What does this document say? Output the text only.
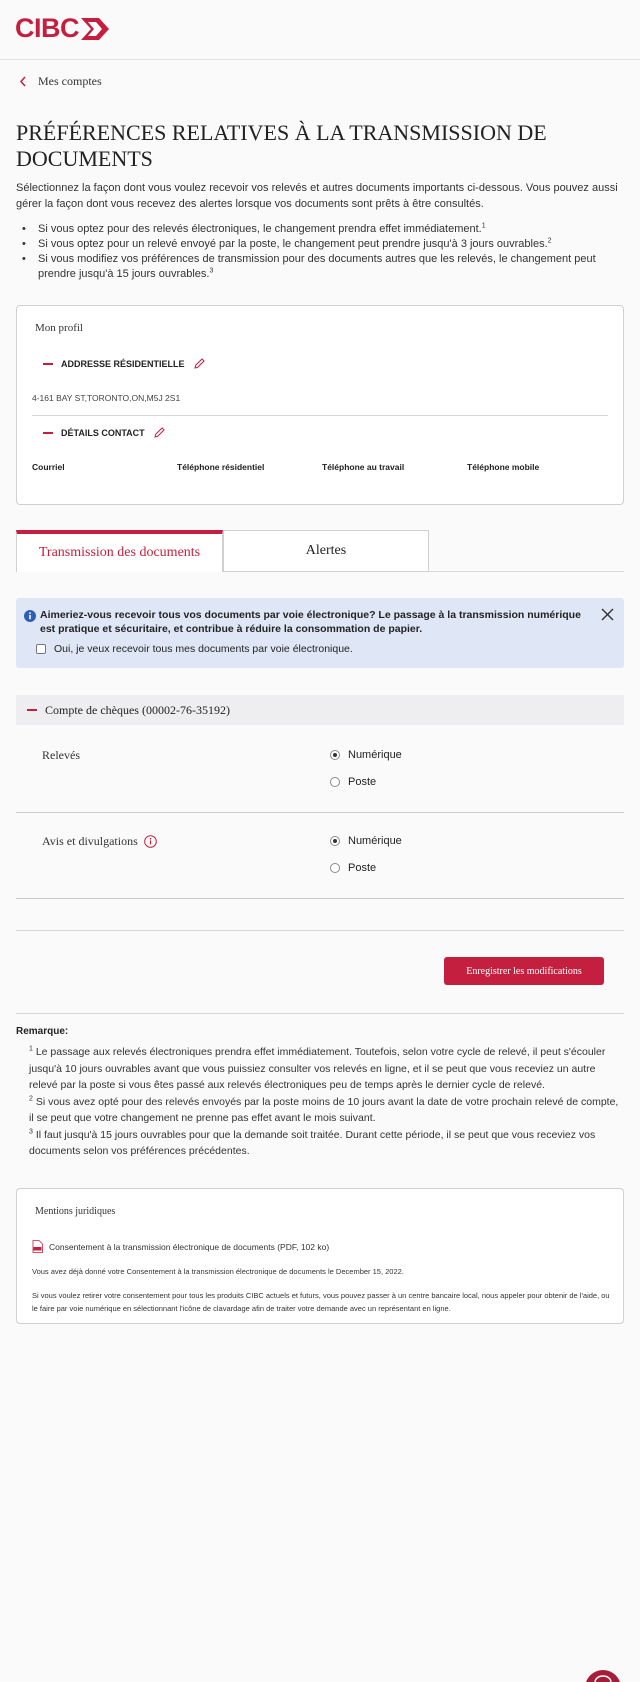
CIBC
Mes comptes
PRÉFÉRENCES RELATIVES À LA TRANSMISSION DE DOCUMENTS

Sélectionnez la façon dont vous voulez recevoir vos relevés et autres documents importants ci-dessous. Vous pouvez aussi gérer la façon dont vous recevez des alertes lorsque vos documents sont prêts à être consultés.

• Si vous optez pour des relevés électroniques, le changement prendra effet immédiatement.$^1$
• Si vous optez pour un relevé envoyé par la poste, le changement peut prendre jusqu'à 3 jours ouvrables.$^2$
• Si vous modifiez vos préférences de transmission pour des documents autres que les relevés, le changement peut prendre jusqu'à 15 jours ouvrables.$^3$
Mon profil
ADDRESSE RÉSIDENTIELLE
4-161 BAY ST,TORONTO,ON,M5J 2S1
DÉTAILS CONTACT
Courriel	Téléphone résidentiel	Téléphone au travail	Téléphone mobile
Transmission des documents	Alertes
Aimeriez-vous recevoir tous vos documents par voie électronique? Le passage à la transmission numérique est pratique et sécuritaire, et contribue à réduire la consommation de papier.
Oui, je veux recevoir tous mes documents par voie électronique.
Compte de chèques (00002-76-35192)
Relevés	Numérique
Poste
Avis et divulgations	Numérique
Poste
Enregistrer les modifications
Remarque:

$^1$ Le passage aux relevés électroniques prendra effet immédiatement. Toutefois, selon votre cycle de relevé, il peut s'écouler jusqu'à 10 jours ouvrables avant que vous puissiez consulter vos relevés en ligne, et il se peut que vous receviez un autre relevé par la poste si vous êtes passé aux relevés électroniques peu de temps après le dernier cycle de relevé.

$^2$ Si vous avez opté pour des relevés envoyés par la poste moins de 10 jours avant la date de votre prochain relevé de compte, il se peut que votre changement ne prenne pas effet avant le mois suivant.

$^3$ Il faut jusqu'à 15 jours ouvrables pour que la demande soit traitée. Durant cette période, il se peut que vous receviez vos documents selon vos préférences précédentes.

Mentions juridiques
Consentement à la transmission électronique de documents (PDF, 102 ko)
Vous avez déjà donné votre Consentement à la transmission électronique de documents le December 15, 2022.
Si vous voulez retirer votre consentement pour tous les produits CIBC actuels et futurs, vous pouvez passer à un centre bancaire local, nous appeler pour obtenir de l'aide, ou le faire par voie numérique en sélectionnant l'icône de clavardage afin de traiter votre demande avec un représentant en ligne.
